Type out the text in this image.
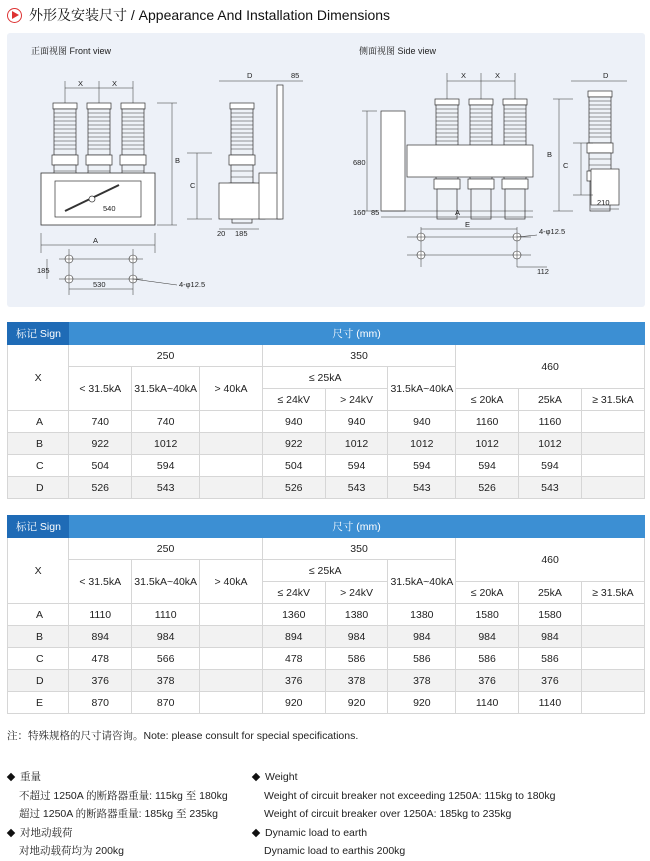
外形及安装尺寸 / Appearance And Installation Dimensions
正面视图 Front view
X	X
B
540
A
185
530	4-φ12.5
D	85
C
20 185
侧面视图 Side view
X	X	D
680	C
B
160 85	A
210
E
4-φ12.5
112
标记 Sign	尺寸 (mm)								
X	250			350			460		
	< 31.5kA	31.5kA~40kA	> 40kA	≤ 25kA		31.5kA~40kA			
				≤ 24kV	> 24kV		≤ 20kA	25kA	≥ 31.5kA
A	740	740		940	940	940	1160	1160	
B	922	1012		922	1012	1012	1012	1012	
C	504	594		504	594	594	594	594	
D	526	543		526	543	543	526	543	
标记 Sign	尺寸 (mm)								
X	250			350			460		
	< 31.5kA	31.5kA~40kA	> 40kA	≤ 25kA		31.5kA~40kA			
				≤ 24kV	> 24kV		≤ 20kA	25kA	≥ 31.5kA
A	1110	1110		1360	1380	1380	1580	1580	
B	894	984		894	984	984	984	984	
C	478	566		478	586	586	586	586	
D	376	378		376	378	378	376	376	
E	870	870		920	920	920	1140	1140	
注：特殊规格的尺寸请咨询。Note: please consult for special specifications.
重量
不超过 1250A 的断路器重量: 115kg 至 180kg
超过 1250A 的断路器重量: 185kg 至 235kg
对地动载荷
对地动载荷均为 200kg
Weight
Weight of circuit breaker not exceeding 1250A: 115kg to 180kg
Weight of circuit breaker over 1250A: 185kg to 235kg
Dynamic load to earth
Dynamic load to earthis 200kg
